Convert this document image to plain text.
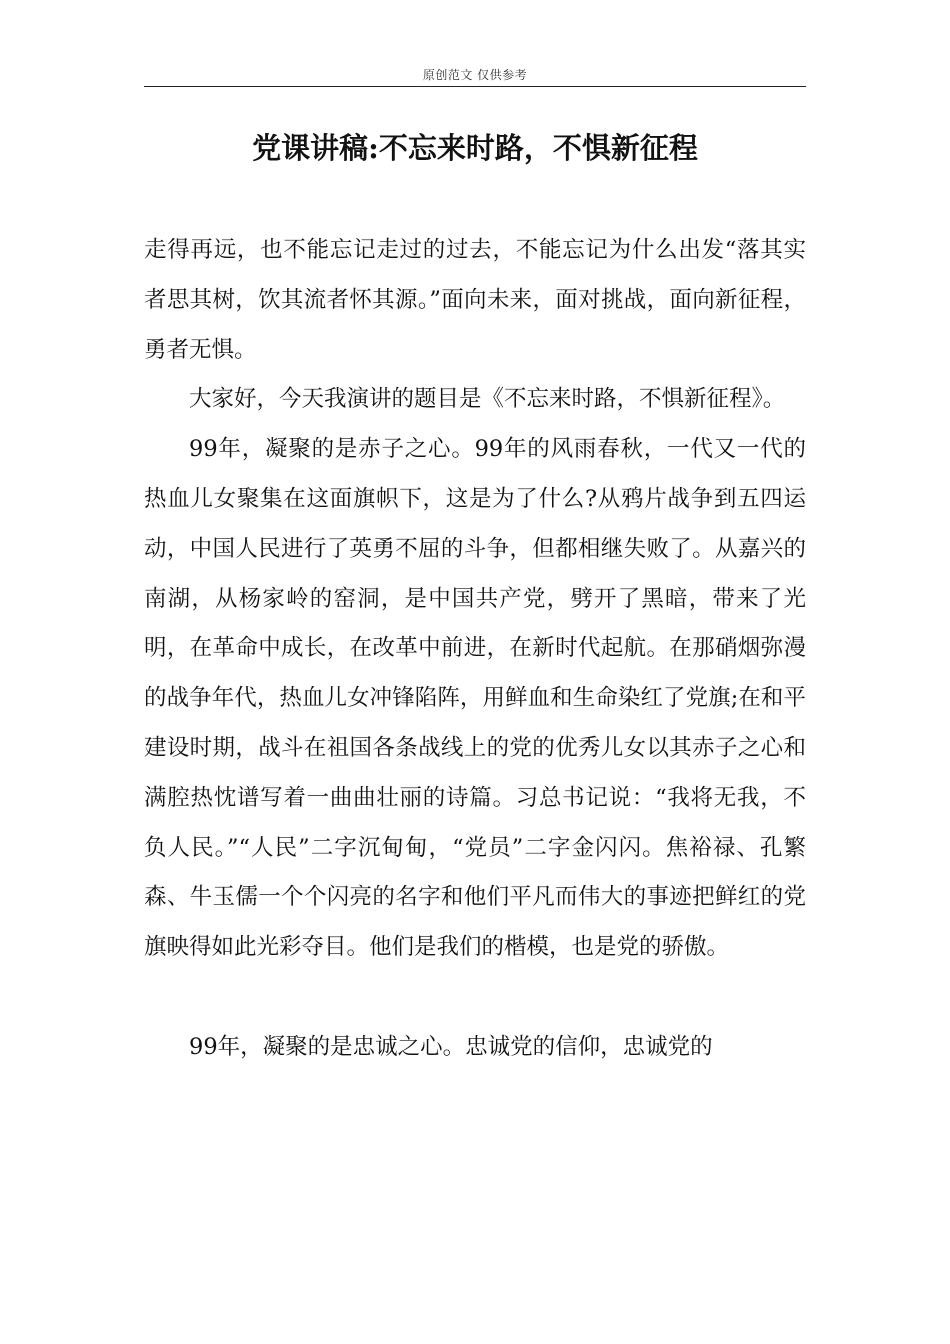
原创范文 仅供参考
党课讲稿:不忘来时路，不惧新征程

走得再远，也不能忘记走过的过去，不能忘记为什么出发“落其实者思其树，饮其流者怀其源。”面向未来，面对挑战，面向新征程，勇者无惧。

大家好，今天我演讲的题目是《不忘来时路，不惧新征程》。

99年，凝聚的是赤子之心。99年的风雨春秋，一代又一代的热血儿女聚集在这面旗帜下，这是为了什么?从鸦片战争到五四运动，中国人民进行了英勇不屈的斗争，但都相继失败了。从嘉兴的南湖，从杨家岭的窑洞，是中国共产党，劈开了黑暗，带来了光明，在革命中成长，在改革中前进，在新时代起航。在那硝烟弥漫的战争年代，热血儿女冲锋陷阵，用鲜血和生命染红了党旗;在和平建设时期，战斗在祖国各条战线上的党的优秀儿女以其赤子之心和满腔热忱谱写着一曲曲壮丽的诗篇。习总书记说：“我将无我，不负人民。”“人民”二字沉甸甸，“党员”二字金闪闪。焦裕禄、孔繁森、牛玉儒一个个闪亮的名字和他们平凡而伟大的事迹把鲜红的党旗映得如此光彩夺目。他们是我们的楷模，也是党的骄傲。

99年，凝聚的是忠诚之心。忠诚党的信仰，忠诚党的
